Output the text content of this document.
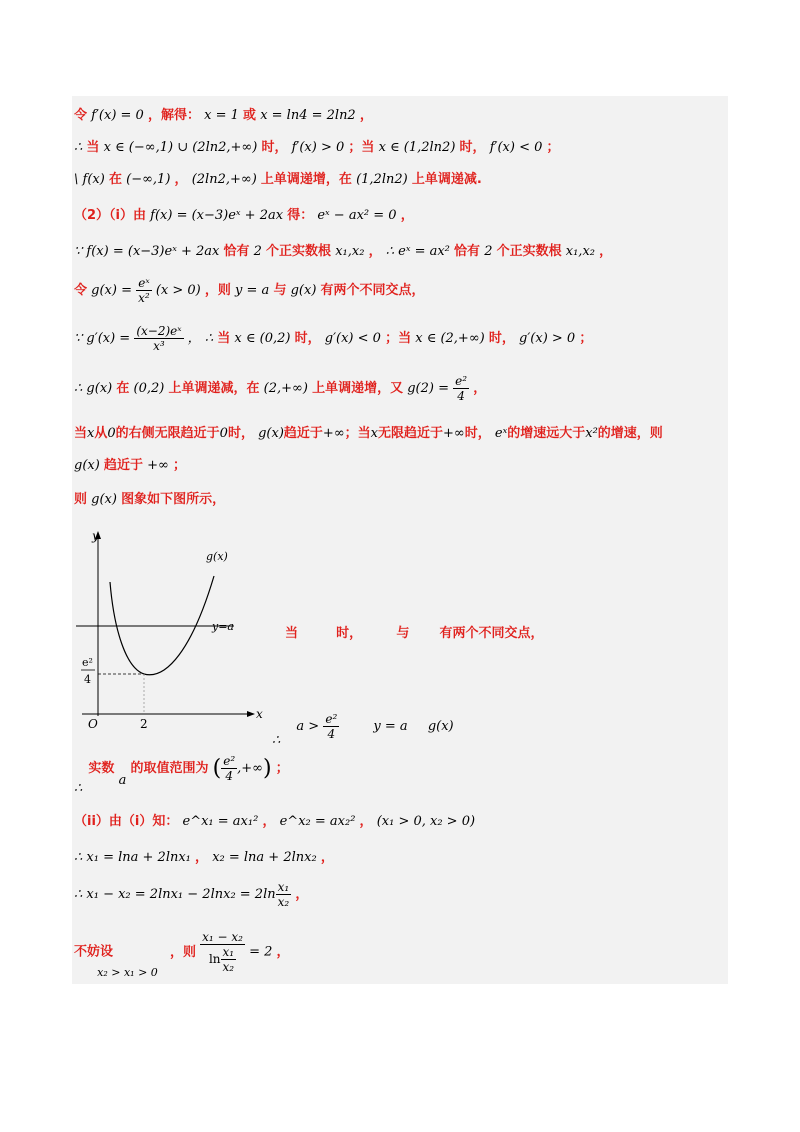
令 f′(x) = 0 ，解得： x = 1 或 x = ln4 = 2ln2 ，
∴ 当 x ∈ (−∞,1) ∪ (2ln2,+∞) 时， f′(x) > 0 ；当 x ∈ (1,2ln2) 时， f′(x) < 0 ；
\ f(x) 在 (−∞,1) ， (2ln2,+∞) 上单调递增，在 (1,2ln2) 上单调递减.
（2）（i）由 f(x) = (x−3)eˣ + 2ax 得： eˣ − ax² = 0 ，
∵ f(x) = (x−3)eˣ + 2ax 恰有 2 个正实数根 x₁,x₂ ， ∴ eˣ = ax² 恰有 2 个正实数根 x₁,x₂ ，
令 $g(x) = \frac{\text{eˣ}}{\text{x²}} (x > 0)$ ，则 y = a 与 g(x) 有两个不同交点，
∵ $g'(x) = \frac{\text{(x−2)eˣ}}{\text{x³}}$ ， ∴ 当 x ∈ (0,2) 时， g′(x) < 0 ；当 x ∈ (2,+∞) 时， g′(x) > 0 ；
∴ g(x) 在 (0,2) 上单调递减，在 (2,+∞) 上单调递增，又 $g(2) = \frac{\text{e²}}{4}$ ，
当x从0的右侧无限趋近于0时， g(x)趋近于+∞；当x无限趋近于+∞时， eˣ的增速远大于x²的增速，则
g(x) 趋近于 +∞ ；
则 g(x) 图象如下图所示，
y
x
O	2
g(x)
y=a
e²
4
当	时，	与 有两个不同交点，
∴ $a > \frac{\text{e²}}{4}$	y = a g(x)
∴ 实数 a 的取值范围为 ( $\frac{\text{e²}}{4}$ ,+∞) ；
（ii）由（i）知： e^x₁ = ax₁² ， e^x₂ = ax₂² ， (x₁ > 0, x₂ > 0)
∴ x₁ = lna + 2lnx₁ ， x₂ = lna + 2lnx₂ ，
∴ $x_1 - x_2 = 2\ln x_1 - 2\ln x_2 = 2\ln \frac{\text{x₁}}{\text{x₂}}$ ，
不妨设 $_{x_2 > x_1 > 0}$ ，则 $\frac{\text{x₁ − x₂}}{\ln \frac{\text{x₁}}{\text{x₂}}} = 2$ ，
